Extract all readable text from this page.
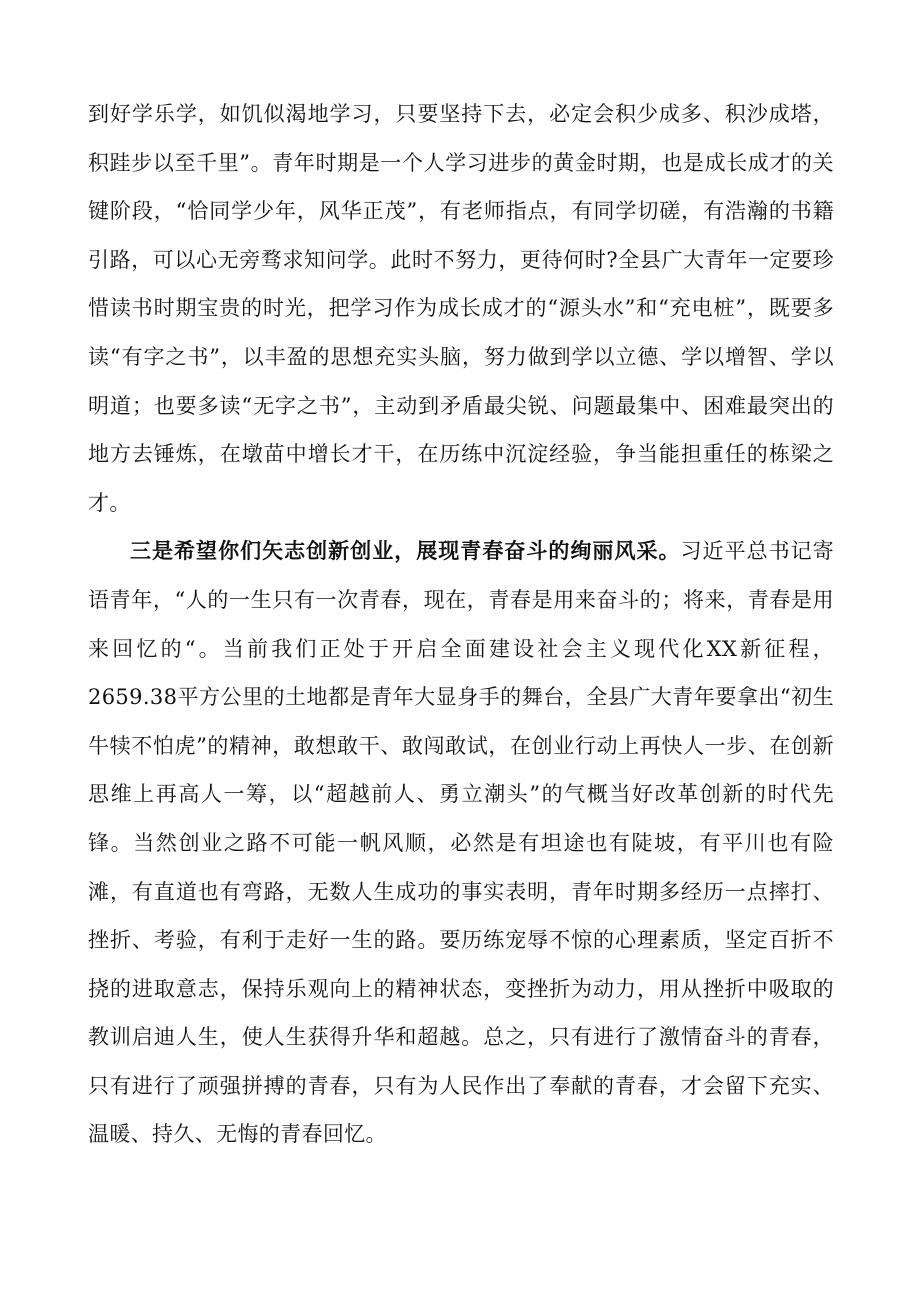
到好学乐学，如饥似渴地学习，只要坚持下去，必定会积少成多、积沙成塔，积跬步以至千里”。青年时期是一个人学习进步的黄金时期，也是成长成才的关键阶段，“恰同学少年，风华正茂”，有老师指点，有同学切磋，有浩瀚的书籍引路，可以心无旁骛求知问学。此时不努力，更待何时?全县广大青年一定要珍惜读书时期宝贵的时光，把学习作为成长成才的“源头水”和“充电桩”，既要多读“有字之书”，以丰盈的思想充实头脑，努力做到学以立德、学以增智、学以明道；也要多读“无字之书”，主动到矛盾最尖锐、问题最集中、困难最突出的地方去锤炼，在墩苗中增长才干，在历练中沉淀经验，争当能担重任的栋梁之才。

三是希望你们矢志创新创业，展现青春奋斗的绚丽风采。习近平总书记寄语青年，“人的一生只有一次青春，现在，青春是用来奋斗的；将来，青春是用来回忆的“。当前我们正处于开启全面建设社会主义现代化XX新征程，2659.38平方公里的土地都是青年大显身手的舞台，全县广大青年要拿出“初生牛犊不怕虎”的精神，敢想敢干、敢闯敢试，在创业行动上再快人一步、在创新思维上再高人一筹，以“超越前人、勇立潮头”的气概当好改革创新的时代先锋。当然创业之路不可能一帆风顺，必然是有坦途也有陡坡，有平川也有险滩，有直道也有弯路，无数人生成功的事实表明，青年时期多经历一点摔打、挫折、考验，有利于走好一生的路。要历练宠辱不惊的心理素质，坚定百折不挠的进取意志，保持乐观向上的精神状态，变挫折为动力，用从挫折中吸取的教训启迪人生，使人生获得升华和超越。总之，只有进行了激情奋斗的青春，只有进行了顽强拼搏的青春，只有为人民作出了奉献的青春，才会留下充实、温暖、持久、无悔的青春回忆。
